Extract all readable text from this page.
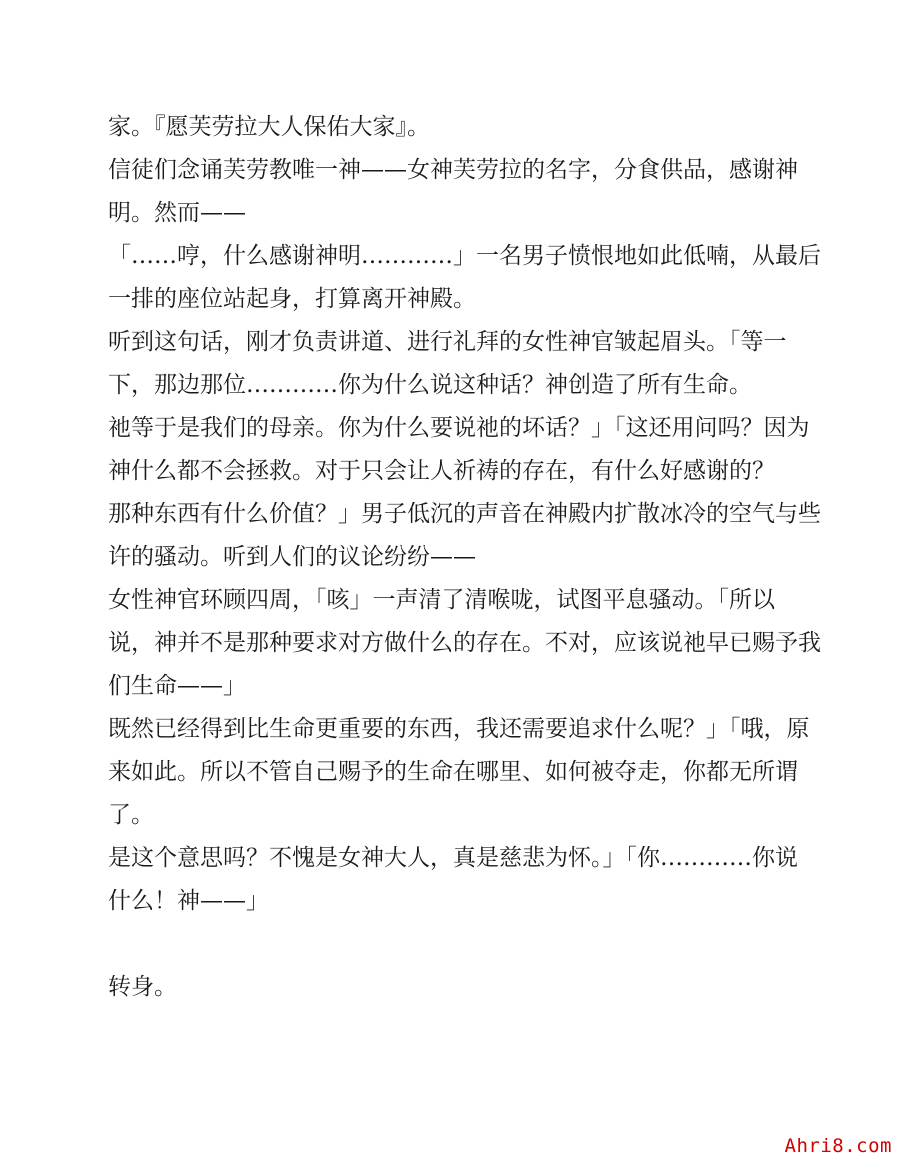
家。『愿芙劳拉大人保佑大家』。
信徒们念诵芙劳教唯一神——女神芙劳拉的名字，分食供品，感谢神
明。然而——
「……哼，什么感谢神明…………」一名男子愤恨地如此低喃，从最后
一排的座位站起身，打算离开神殿。
听到这句话，刚才负责讲道、进行礼拜的女性神官皱起眉头。「等一
下，那边那位…………你为什么说这种话？神创造了所有生命。
祂等于是我们的母亲。你为什么要说祂的坏话？」「这还用问吗？因为
神什么都不会拯救。对于只会让人祈祷的存在，有什么好感谢的？
那种东西有什么价值？」男子低沉的声音在神殿内扩散冰冷的空气与些
许的骚动。听到人们的议论纷纷——
女性神官环顾四周，「咳」一声清了清喉咙，试图平息骚动。「所以
说，神并不是那种要求对方做什么的存在。不对，应该说祂早已赐予我
们生命——」
既然已经得到比生命更重要的东西，我还需要追求什么呢？」「哦，原
来如此。所以不管自己赐予的生命在哪里、如何被夺走，你都无所谓
了。
是这个意思吗？不愧是女神大人，真是慈悲为怀。」「你…………你说
什么！神——」
转身。
Ahri8.com
